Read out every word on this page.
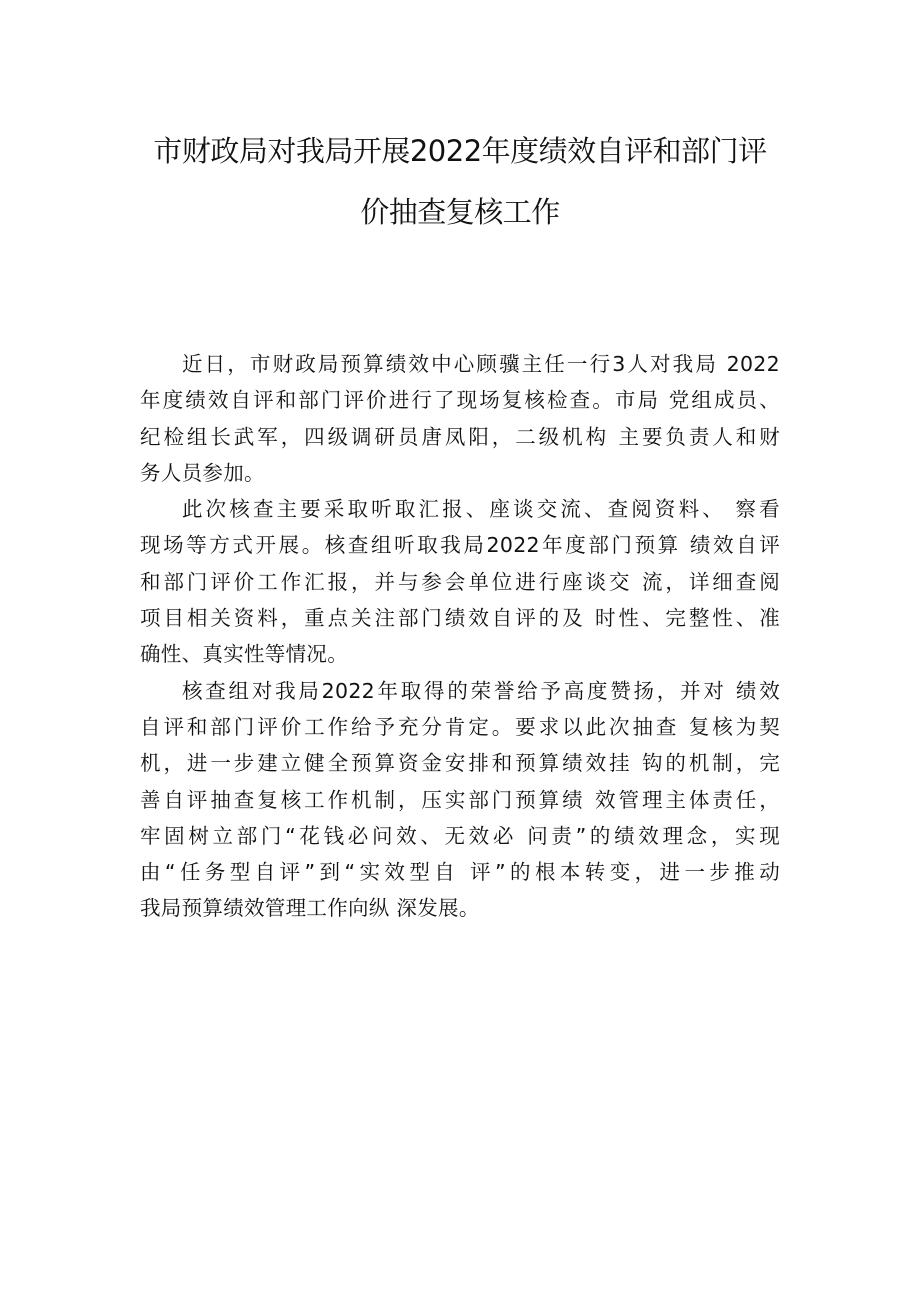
市财政局对我局开展2022年度绩效自评和部门评
价抽查复核工作

近日，市财政局预算绩效中心顾骥主任一行3人对我局 2022
年度绩效自评和部门评价进行了现场复核检查。市局 党组成员、
纪检组长武军，四级调研员唐凤阳，二级机构 主要负责人和财
务人员参加。

此次核查主要采取听取汇报、座谈交流、查阅资料、 察看
现场等方式开展。核查组听取我局2022年度部门预算 绩效自评
和部门评价工作汇报，并与参会单位进行座谈交 流，详细查阅
项目相关资料，重点关注部门绩效自评的及 时性、完整性、准
确性、真实性等情况。

核查组对我局2022年取得的荣誉给予高度赞扬，并对 绩效
自评和部门评价工作给予充分肯定。要求以此次抽查 复核为契
机，进一步建立健全预算资金安排和预算绩效挂 钩的机制，完
善自评抽查复核工作机制，压实部门预算绩 效管理主体责任，
牢固树立部门“花钱必问效、无效必 问责”的绩效理念，实现
由“任务型自评”到“实效型自 评”的根本转变，进一步推动
我局预算绩效管理工作向纵 深发展。
